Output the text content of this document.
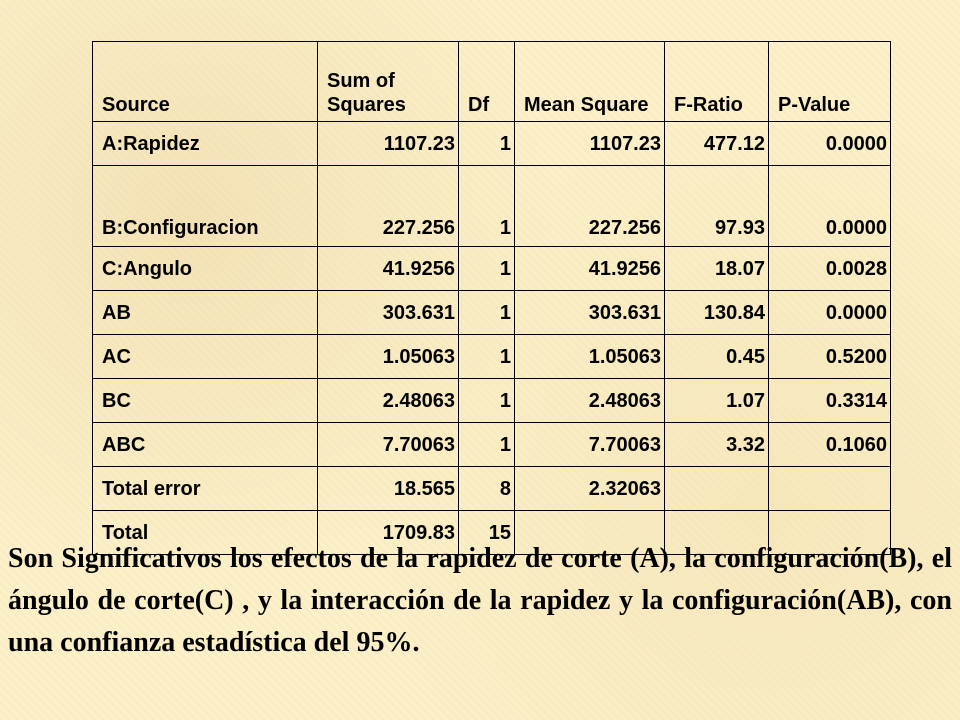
Source	Sum of Squares	Df	Mean Square	F-Ratio	P-Value
A:Rapidez	1107.23	1	1107.23	477.12	0.0000
B:Configuracion	227.256	1	227.256	97.93	0.0000
C:Angulo	41.9256	1	41.9256	18.07	0.0028
AB	303.631	1	303.631	130.84	0.0000
AC	1.05063	1	1.05063	0.45	0.5200
BC	2.48063	1	2.48063	1.07	0.3314
ABC	7.70063	1	7.70063	3.32	0.1060
Total error	18.565	8	2.32063		
Total	1709.83	15			

Son Significativos los efectos de la rapidez de corte (A), la configuración(B), el ángulo de corte(C) , y la interacción de la rapidez y la configuración(AB), con una confianza estadística del 95%.
